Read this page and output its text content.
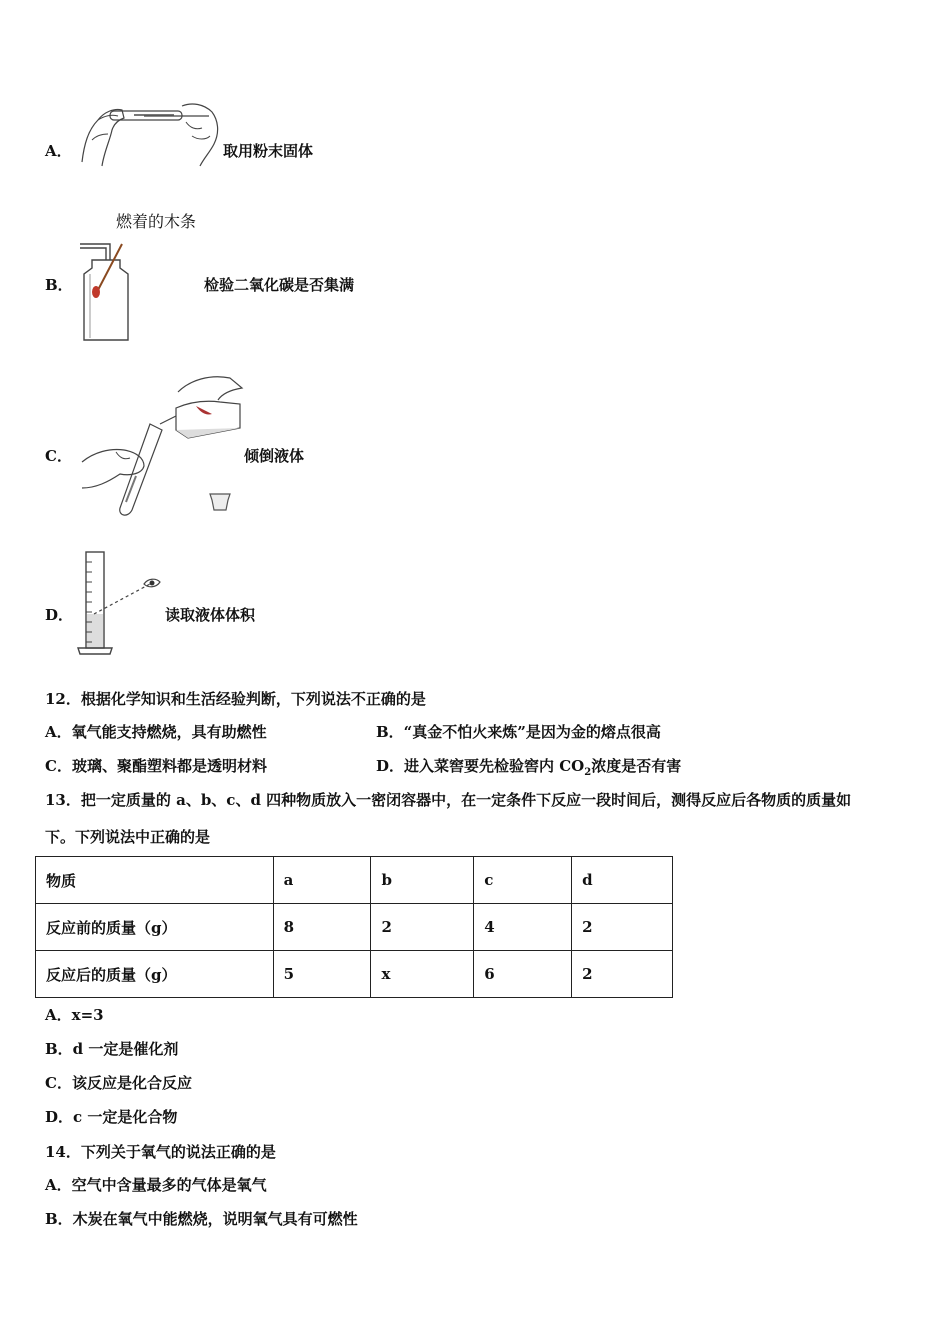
A．	取用粉末固体
燃着的木条
B．	检验二氧化碳是否集满
C．	倾倒液体
D．	读取液体体积
12．根据化学知识和生活经验判断，下列说法不正确的是
A．氧气能支持燃烧，具有助燃性	B．“真金不怕火来炼”是因为金的熔点很高
C．玻璃、聚酯塑料都是透明材料	D．进入菜窖要先检验窖内 $CO_2$浓度是否有害
13．把一定质量的 a、b、c、d 四种物质放入一密闭容器中，在一定条件下反应一段时间后，测得反应后各物质的质量如
下。下列说法中正确的是
物质	a	b	c	d
反应前的质量（g）	8	2	4	2
反应后的质量（g）	5	x	6	2
A．x=3
B．d 一定是催化剂
C．该反应是化合反应
D．c 一定是化合物
14．下列关于氧气的说法正确的是
A．空气中含量最多的气体是氧气
B．木炭在氧气中能燃烧，说明氧气具有可燃性
